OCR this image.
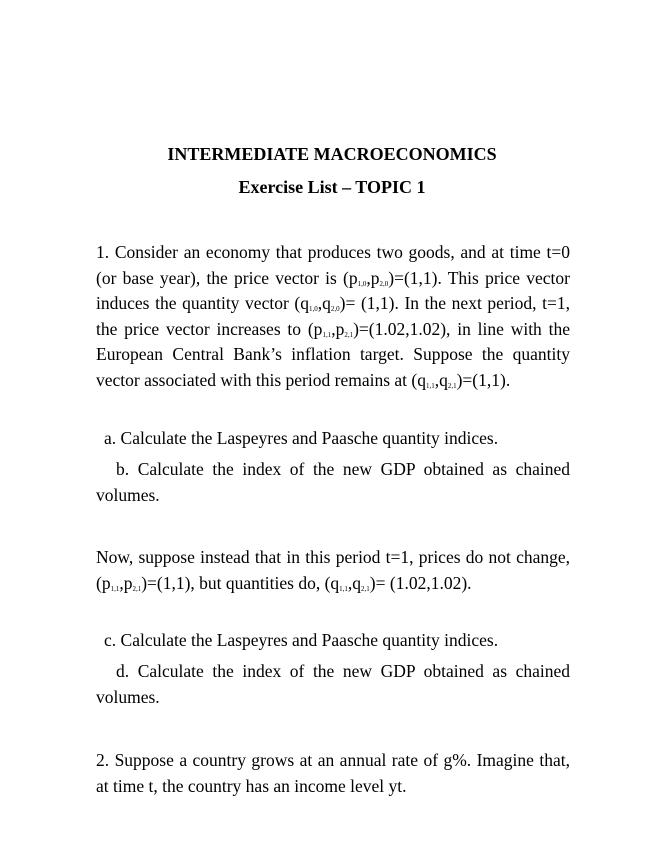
INTERMEDIATE MACROECONOMICS

Exercise List – TOPIC 1

1. Consider an economy that produces two goods, and at time t=0 (or base year), the price vector is $(p_{1,0},p_{2,0})=(1,1)$. This price vector induces the quantity vector $(q_{1,0},q_{2,0})= (1,1)$. In the next period, t=1, the price vector increases to $(p_{1,1},p_{2,1})=(1.02,1.02)$, in line with the European Central Bank’s inflation target. Suppose the quantity vector associated with this period remains at $(q_{1,1},q_{2,1})=(1,1)$.

a. Calculate the Laspeyres and Paasche quantity indices.

b. Calculate the index of the new GDP obtained as chained volumes.

Now, suppose instead that in this period t=1, prices do not change, $(p_{1,1},p_{2,1})=(1,1)$, but quantities do, $(q_{1,1},q_{2,1})= (1.02,1.02)$.

c. Calculate the Laspeyres and Paasche quantity indices.

d. Calculate the index of the new GDP obtained as chained volumes.

2. Suppose a country grows at an annual rate of g%. Imagine that, at time t, the country has an income level yt.
